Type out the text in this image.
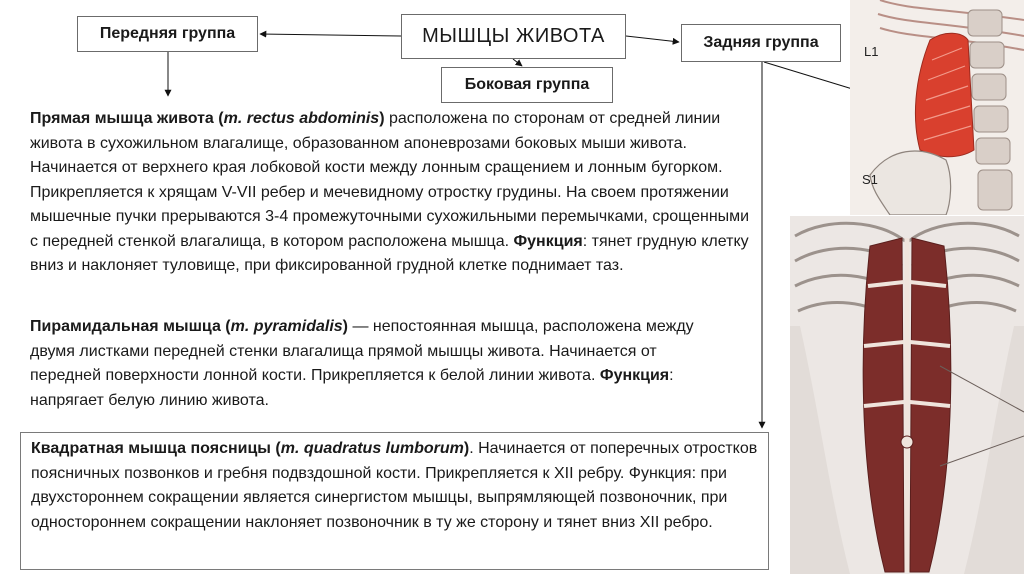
Передняя группа	МЫШЦЫ ЖИВОТА	Задняя группа
Боковая группа

Прямая мышца живота (m. rectus abdominis) расположена по сторонам от средней линии живота в сухожильном влагалище, образованном апоневрозами боковых мыши живота. Начинается от верхнего края лобковой кости между лонным сращением и лонным бугорком. Прикрепляется к хрящам V-VII ребер и мечевидному отростку грудины. На своем протяжении мышечные пучки прерываются 3-4 промежуточными сухожильными перемычками, срощенными с передней стенкой влагалища, в котором расположена мышца. Функция: тянет грудную клетку вниз и наклоняет туловище, при фиксированной грудной клетке поднимает таз.

Пирамидальная мышца (m. pyramidalis) — непостоянная мышца, расположена между двумя листками передней стенки влагалища прямой мышцы живота. Начинается от передней поверхности лонной кости. Прикрепляется к белой линии живота. Функция: напрягает белую линию живота.

Квадратная мышца поясницы (m. quadratus lumborum). Начинается от поперечных отростков поясничных позвонков и гребня подвздошной кости. Прикрепляется к XII ребру. Функция: при двухстороннем сокращении является синергистом мышцы, выпрямляющей позвоночник, при одностороннем сокращении наклоняет позвоночник в ту же сторону и тянет вниз XII ребро.
L1
S1
